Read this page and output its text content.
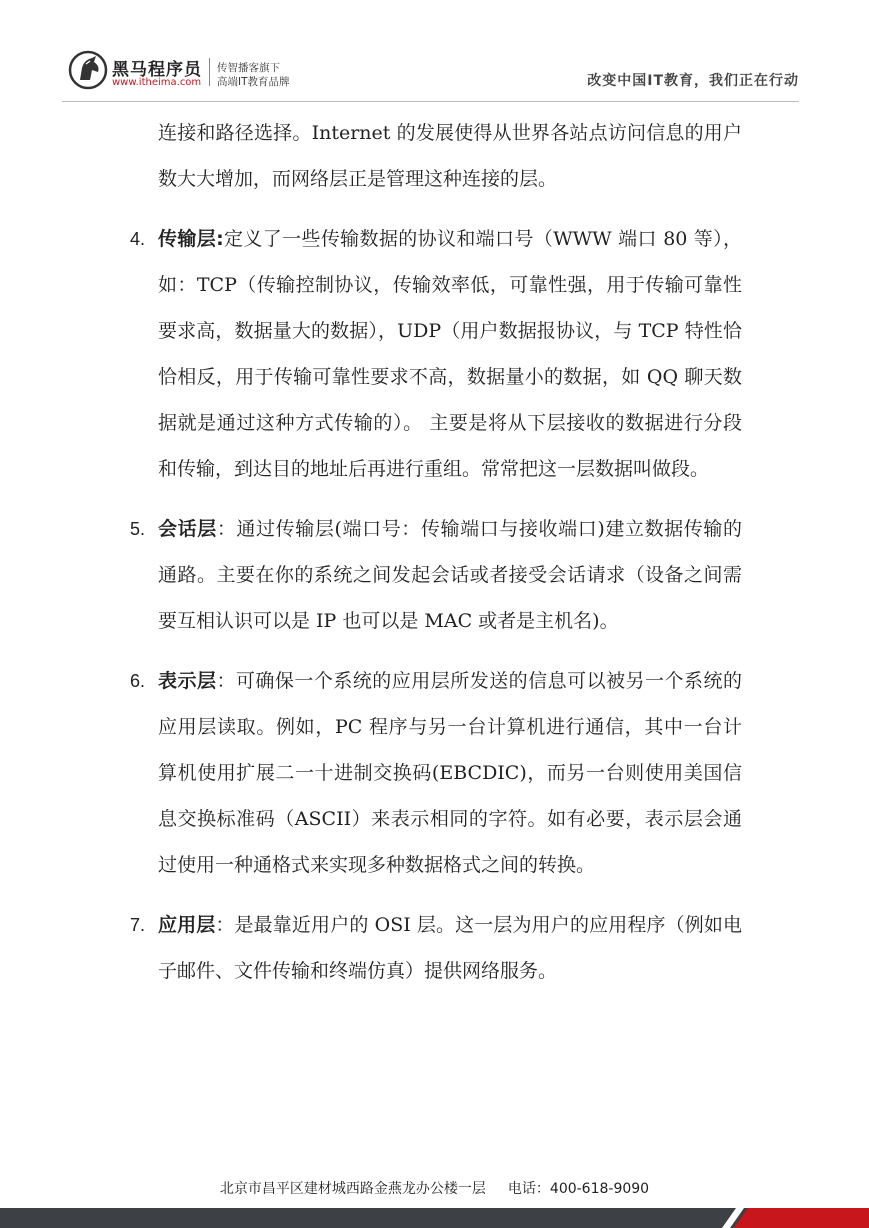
黑马程序员
www.itheima.com
传智播客旗下
高端IT教育品牌	改变中国IT教育，我们正在行动
连接和路径选择。Internet 的发展使得从世界各站点访问信息的用户数大大增加，而网络层正是管理这种连接的层。
4. 传输层:定义了一些传输数据的协议和端口号（WWW 端口 80 等），如：TCP（传输控制协议，传输效率低，可靠性强，用于传输可靠性要求高，数据量大的数据），UDP（用户数据报协议，与 TCP 特性恰恰相反，用于传输可靠性要求不高，数据量小的数据，如 QQ 聊天数据就是通过这种方式传输的）。 主要是将从下层接收的数据进行分段和传输，到达目的地址后再进行重组。常常把这一层数据叫做段。
5. 会话层：通过传输层(端口号：传输端口与接收端口)建立数据传输的通路。主要在你的系统之间发起会话或者接受会话请求（设备之间需要互相认识可以是 IP 也可以是 MAC 或者是主机名)。
6. 表示层：可确保一个系统的应用层所发送的信息可以被另一个系统的应用层读取。例如，PC 程序与另一台计算机进行通信，其中一台计算机使用扩展二一十进制交换码(EBCDIC)，而另一台则使用美国信息交换标准码（ASCII）来表示相同的字符。如有必要，表示层会通过使用一种通格式来实现多种数据格式之间的转换。
7. 应用层：是最靠近用户的 OSI 层。这一层为用户的应用程序（例如电子邮件、文件传输和终端仿真）提供网络服务。
北京市昌平区建材城西路金燕龙办公楼一层 电话：400-618-9090
